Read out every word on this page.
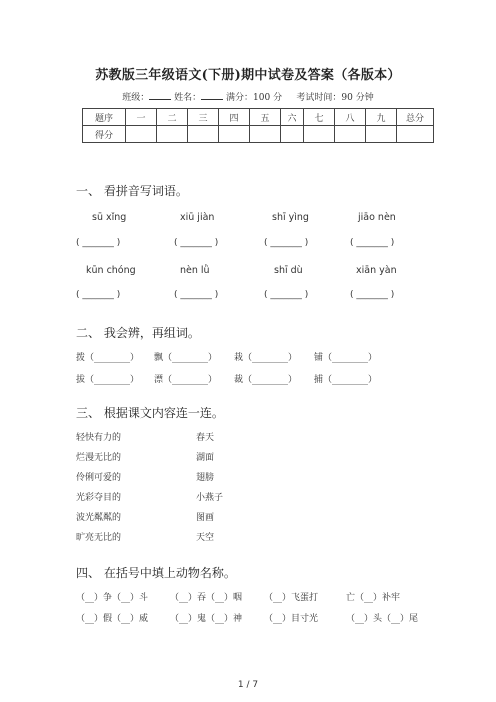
苏教版三年级语文(下册)期中试卷及答案（各版本）
班级：	姓名：	满分：100 分 考试时间：90 分钟
题序	一	二	三	四	五	六	七	八	九	总分
得分										
一、 看拼音写词语。
sū xǐng	xiū jiàn	shī yìng	jiāo nèn
( _______ )	( _______ )	( _______ )	( _______ )
kūn chóng	nèn lǜ	shī dù	xiān yàn
( _______ )	( _______ )	( _______ )	( _______ )
二、 我会辨，再组词。
拨（________） 飘（________） 栽（________） 铺（________）
拔（________） 漂（________） 裁（________） 捕（________）
三、 根据课文内容连一连。
轻快有力的
烂漫无比的
伶俐可爱的
光彩夺目的
波光粼粼的
旷亮无比的
春天
湖面
翅膀
小燕子
图画
天空
四、 在括号中填上动物名称。
（__）争（__）斗 （__）吞（__）咽 （__）飞蛋打	亡（__）补牢
（__）假（__）威 （__）鬼（__）神 （__）目寸光	（__）头（__）尾
1 / 7
